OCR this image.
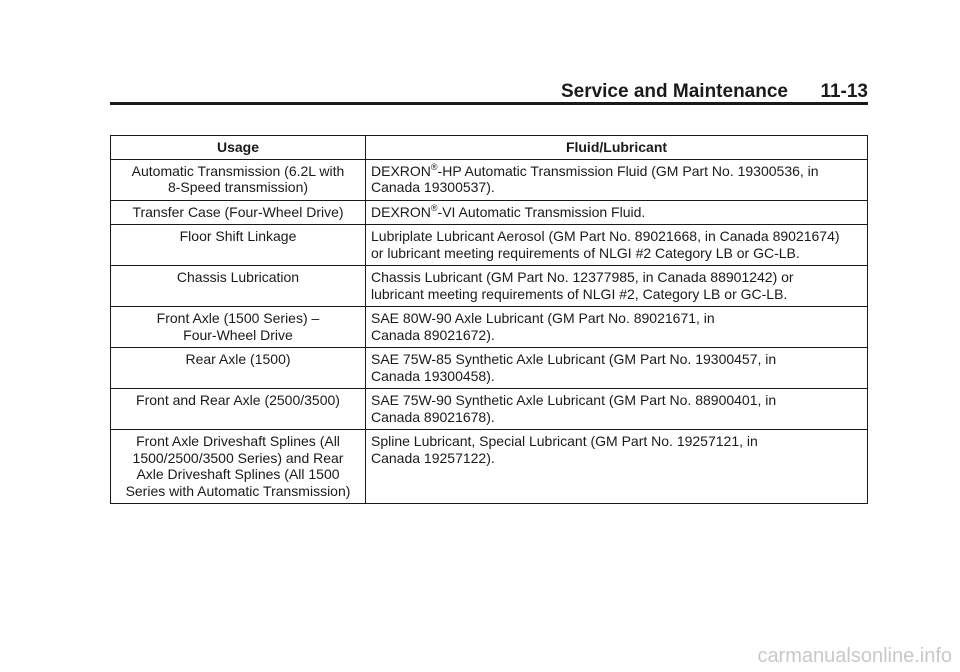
Service and Maintenance 11-13
Usage	Fluid/Lubricant
Automatic Transmission (6.2L with
8-Speed transmission)	DEXRON®-HP Automatic Transmission Fluid (GM Part No. 19300536, in
Canada 19300537).
Transfer Case (Four-Wheel Drive)	DEXRON®-VI Automatic Transmission Fluid.
Floor Shift Linkage	Lubriplate Lubricant Aerosol (GM Part No. 89021668, in Canada 89021674)
or lubricant meeting requirements of NLGI #2 Category LB or GC-LB.
Chassis Lubrication	Chassis Lubricant (GM Part No. 12377985, in Canada 88901242) or
lubricant meeting requirements of NLGI #2, Category LB or GC-LB.
Front Axle (1500 Series) –
Four-Wheel Drive	SAE 80W-90 Axle Lubricant (GM Part No. 89021671, in
Canada 89021672).
Rear Axle (1500)	SAE 75W-85 Synthetic Axle Lubricant (GM Part No. 19300457, in
Canada 19300458).
Front and Rear Axle (2500/3500)	SAE 75W-90 Synthetic Axle Lubricant (GM Part No. 88900401, in
Canada 89021678).
Front Axle Driveshaft Splines (All
1500/2500/3500 Series) and Rear
Axle Driveshaft Splines (All 1500
Series with Automatic Transmission)	Spline Lubricant, Special Lubricant (GM Part No. 19257121, in
Canada 19257122).
carmanualsonline.info
